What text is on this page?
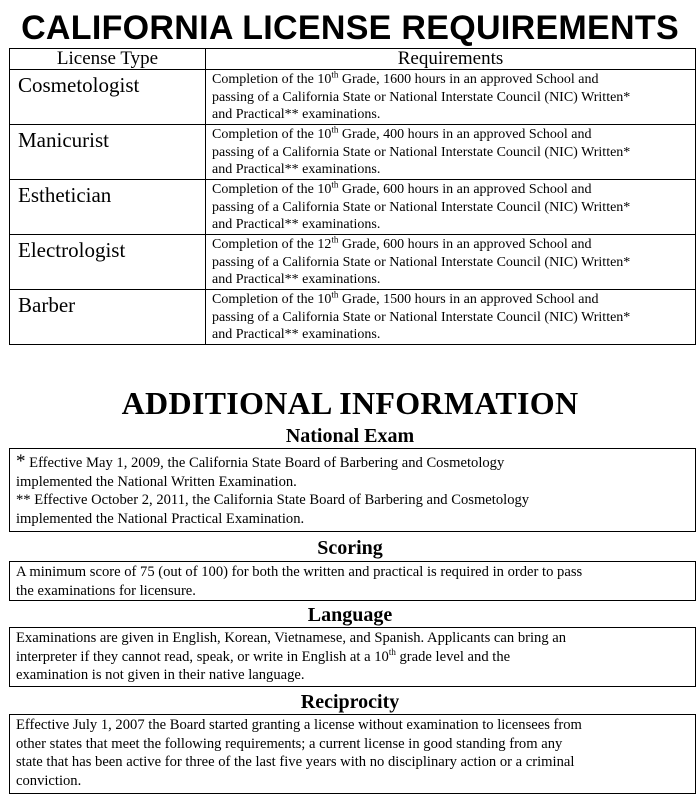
CALIFORNIA LICENSE REQUIREMENTS
License Type	Requirements
Cosmetologist	Completion of the 10th Grade, 1600 hours in an approved School and
passing of a California State or National Interstate Council (NIC) Written*
and Practical** examinations.

Manicurist	Completion of the 10th Grade, 400 hours in an approved School and
passing of a California State or National Interstate Council (NIC) Written*
and Practical** examinations.

Esthetician	Completion of the 10th Grade, 600 hours in an approved School and
passing of a California State or National Interstate Council (NIC) Written*
and Practical** examinations.

Electrologist	Completion of the 12th Grade, 600 hours in an approved School and
passing of a California State or National Interstate Council (NIC) Written*
and Practical** examinations.

Barber	Completion of the 10th Grade, 1500 hours in an approved School and
passing of a California State or National Interstate Council (NIC) Written*
and Practical** examinations.
ADDITIONAL INFORMATION
National Exam
* Effective May 1, 2009, the California State Board of Barbering and Cosmetology
implemented the National Written Examination.
** Effective October 2, 2011, the California State Board of Barbering and Cosmetology
implemented the National Practical Examination.
Scoring
A minimum score of 75 (out of 100) for both the written and practical is required in order to pass
the examinations for licensure.
Language
Examinations are given in English, Korean, Vietnamese, and Spanish. Applicants can bring an
interpreter if they cannot read, speak, or write in English at a 10th grade level and the
examination is not given in their native language.
Reciprocity
Effective July 1, 2007 the Board started granting a license without examination to licensees from
other states that meet the following requirements; a current license in good standing from any
state that has been active for three of the last five years with no disciplinary action or a criminal
conviction.
